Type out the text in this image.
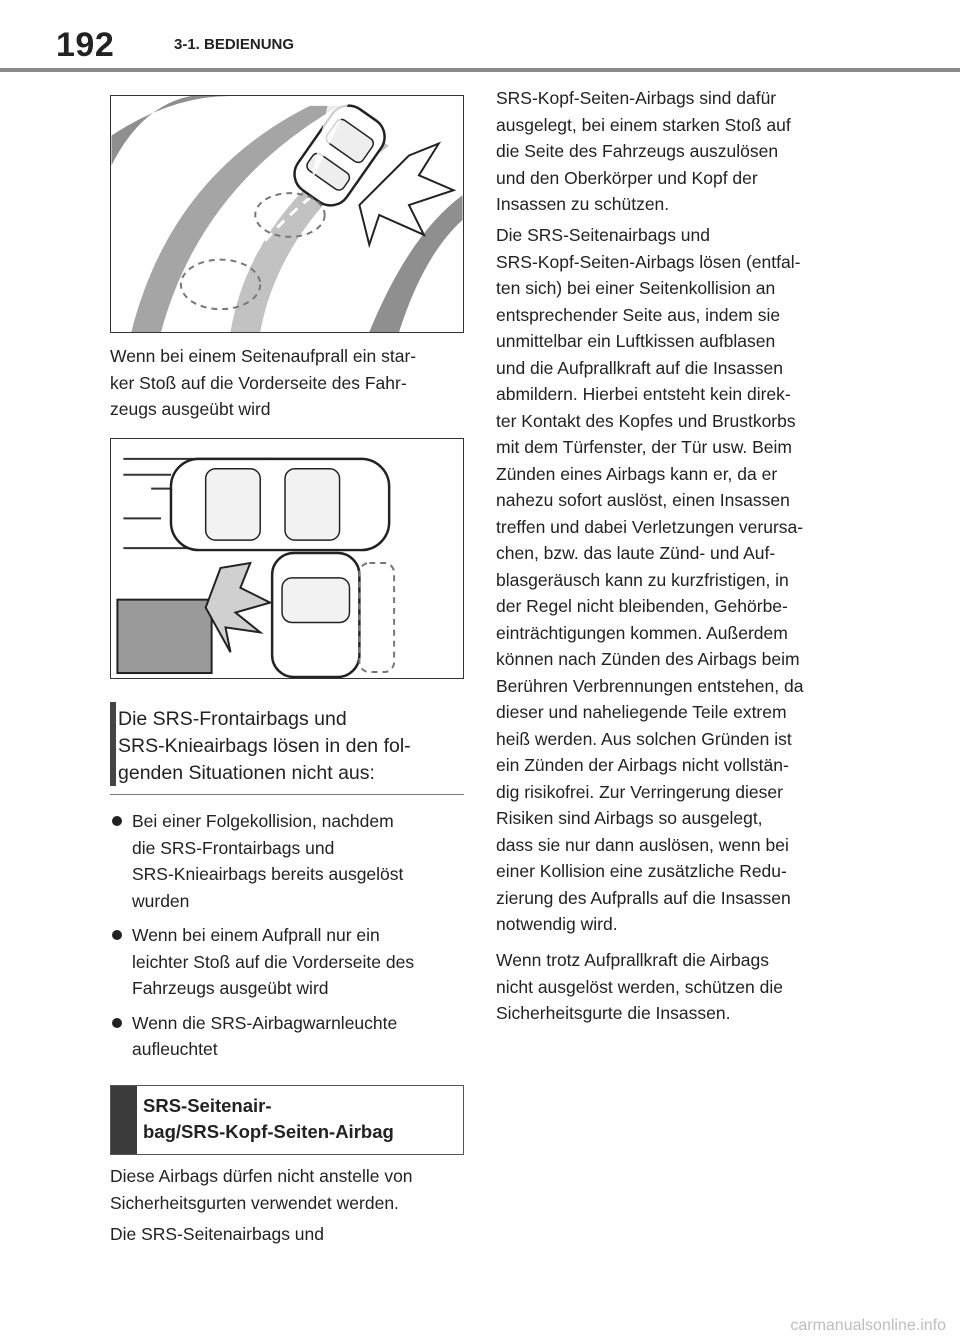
192	3-1. BEDIENUNG

Wenn bei einem Seitenaufprall ein star-
ker Stoß auf die Vorderseite des Fahr-
zeugs ausgeübt wird

Die SRS-Frontairbags und
SRS-Knieairbags lösen in den fol-
genden Situationen nicht aus:
Bei einer Folgekollision, nachdem
die SRS-Frontairbags und
SRS-Knieairbags bereits ausgelöst
wurden
Wenn bei einem Aufprall nur ein
leichter Stoß auf die Vorderseite des
Fahrzeugs ausgeübt wird
Wenn die SRS-Airbagwarnleuchte
aufleuchtet
SRS-Seitenair-
bag/SRS-Kopf-Seiten-Airbag

Diese Airbags dürfen nicht anstelle von
Sicherheitsgurten verwendet werden.

Die SRS-Seitenairbags und

SRS-Kopf-Seiten-Airbags sind dafür
ausgelegt, bei einem starken Stoß auf
die Seite des Fahrzeugs auszulösen
und den Oberkörper und Kopf der
Insassen zu schützen.

Die SRS-Seitenairbags und
SRS-Kopf-Seiten-Airbags lösen (entfal-
ten sich) bei einer Seitenkollision an
entsprechender Seite aus, indem sie
unmittelbar ein Luftkissen aufblasen
und die Aufprallkraft auf die Insassen
abmildern. Hierbei entsteht kein direk-
ter Kontakt des Kopfes und Brustkorbs
mit dem Türfenster, der Tür usw. Beim
Zünden eines Airbags kann er, da er
nahezu sofort auslöst, einen Insassen
treffen und dabei Verletzungen verursa-
chen, bzw. das laute Zünd- und Auf-
blasgeräusch kann zu kurzfristigen, in
der Regel nicht bleibenden, Gehörbe-
einträchtigungen kommen. Außerdem
können nach Zünden des Airbags beim
Berühren Verbrennungen entstehen, da
dieser und naheliegende Teile extrem
heiß werden. Aus solchen Gründen ist
ein Zünden der Airbags nicht vollstän-
dig risikofrei. Zur Verringerung dieser
Risiken sind Airbags so ausgelegt,
dass sie nur dann auslösen, wenn bei
einer Kollision eine zusätzliche Redu-
zierung des Aufpralls auf die Insassen
notwendig wird.

Wenn trotz Aufprallkraft die Airbags
nicht ausgelöst werden, schützen die
Sicherheitsgurte die Insassen.

carmanualsonline.info
